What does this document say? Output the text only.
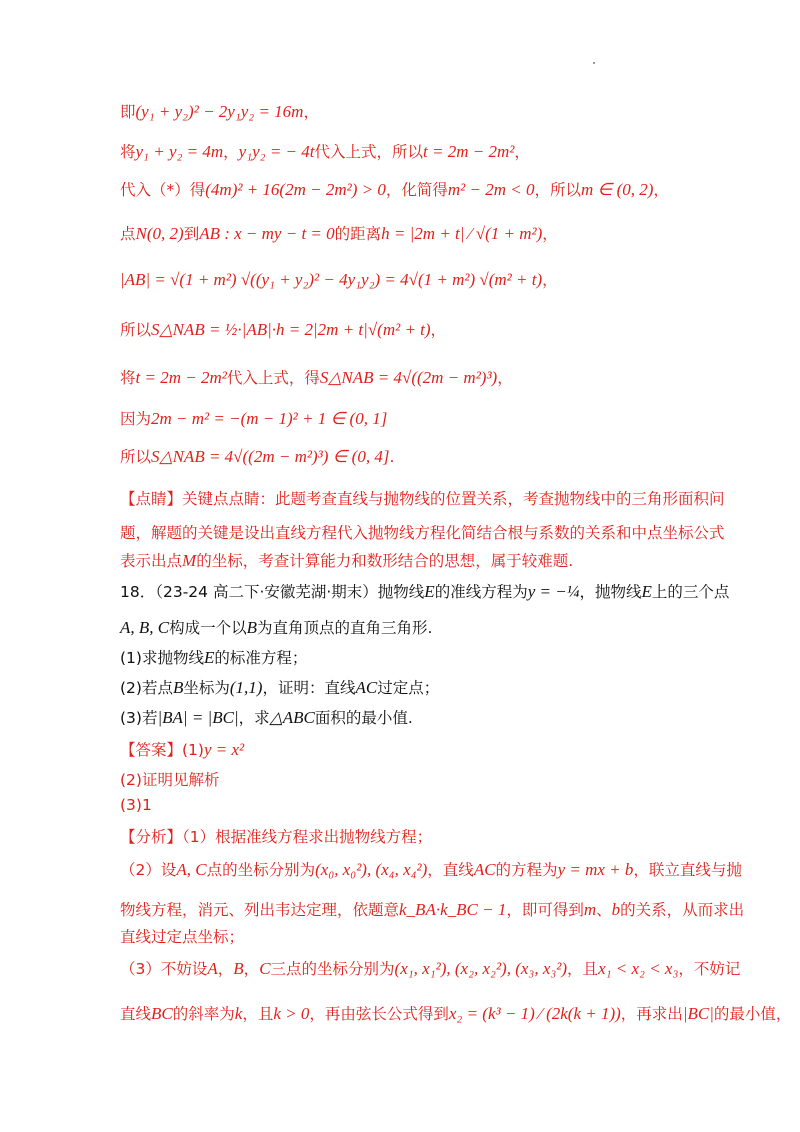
即(y₁ + y₂)² − 2y₁y₂ = 16m，
将y₁ + y₂ = 4m，y₁y₂ = − 4t代入上式，所以t = 2m − 2m²，
代入（*）得(4m)² + 16(2m − 2m²) > 0，化简得m² − 2m < 0，所以m ∈ (0, 2)，
点N(0, 2)到AB : x − my − t = 0的距离h = |2m + t| ⁄ √(1 + m²)，
|AB| = √(1 + m²) √((y₁ + y₂)² − 4y₁y₂) = 4√(1 + m²) √(m² + t)，
所以S△NAB = ½·|AB|·h = 2|2m + t|√(m² + t)，
将t = 2m − 2m²代入上式，得S△NAB = 4√((2m − m²)³)，
因为2m − m² = −(m − 1)² + 1 ∈ (0, 1]
所以S△NAB = 4√((2m − m²)³) ∈ (0, 4].
【点睛】关键点点睛：此题考查直线与抛物线的位置关系，考查抛物线中的三角形面积问
题，解题的关键是设出直线方程代入抛物线方程化简结合根与系数的关系和中点坐标公式
表示出点M的坐标，考查计算能力和数形结合的思想，属于较难题.
18．（23-24 高二下·安徽芜湖·期末）抛物线E的准线方程为y = −¼，抛物线E上的三个点
A, B, C构成一个以B为直角顶点的直角三角形.
(1)求抛物线E的标准方程；
(2)若点B坐标为(1,1)，证明：直线AC过定点；
(3)若|BA| = |BC|，求△ABC面积的最小值.
【答案】(1)y = x²
(2)证明见解析
(3)1
【分析】（1）根据准线方程求出抛物线方程；
（2）设A, C点的坐标分别为(x₀, x₀²), (x₄, x₄²)，直线AC的方程为y = mx + b，联立直线与抛
物线方程，消元、列出韦达定理，依题意k_BA·k_BC − 1，即可得到m、b的关系，从而求出
直线过定点坐标；
（3）不妨设A，B，C三点的坐标分别为(x₁, x₁²), (x₂, x₂²), (x₃, x₃²)，且x₁ < x₂ < x₃，不妨记
直线BC的斜率为k，且k > 0，再由弦长公式得到x₂ = (k³ − 1) ⁄ (2k(k + 1))，再求出|BC|的最小值，
